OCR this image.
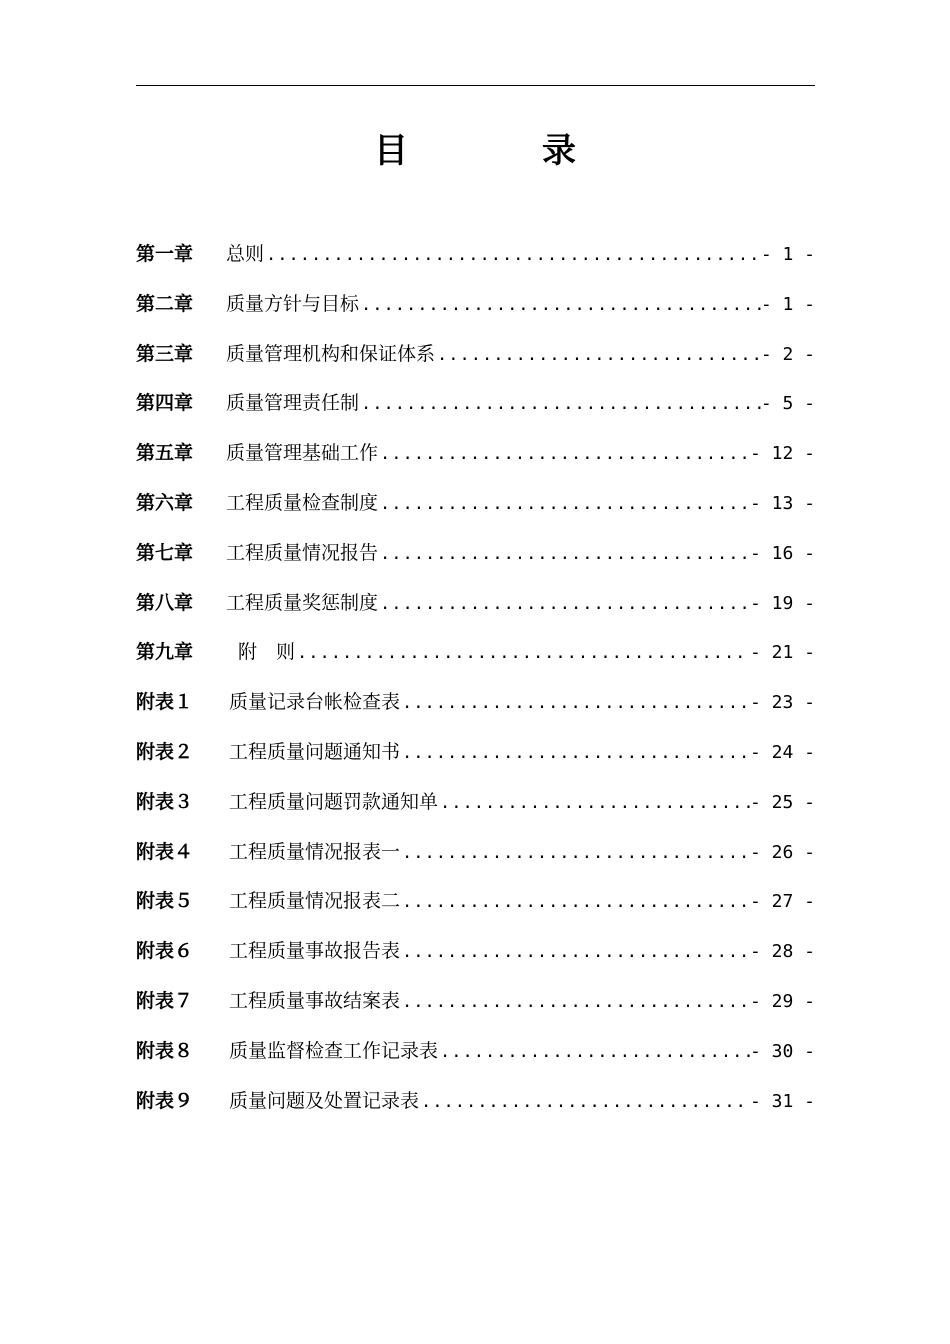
目　录
第一章	总则 .....	- 1 -
第二章	质量方针与目标 .....	- 1 -
第三章	质量管理机构和保证体系 .....	- 2 -
第四章	质量管理责任制 .....	- 5 -
第五章	质量管理基础工作 .....	- 12 -
第六章	工程质量检查制度 .....	- 13 -
第七章	工程质量情况报告 .....	- 16 -
第八章	工程质量奖惩制度 .....	- 19 -
第九章	附　则 .....	- 21 -
附表１	质量记录台帐检查表 .....	- 23 -
附表２	工程质量问题通知书 .....	- 24 -
附表３	工程质量问题罚款通知单 .....	- 25 -
附表４	工程质量情况报表一 .....	- 26 -
附表５	工程质量情况报表二 .....	- 27 -
附表６	工程质量事故报告表 .....	- 28 -
附表７	工程质量事故结案表 .....	- 29 -
附表８	质量监督检查工作记录表 .....	- 30 -
附表９	质量问题及处置记录表 .....	- 31 -
